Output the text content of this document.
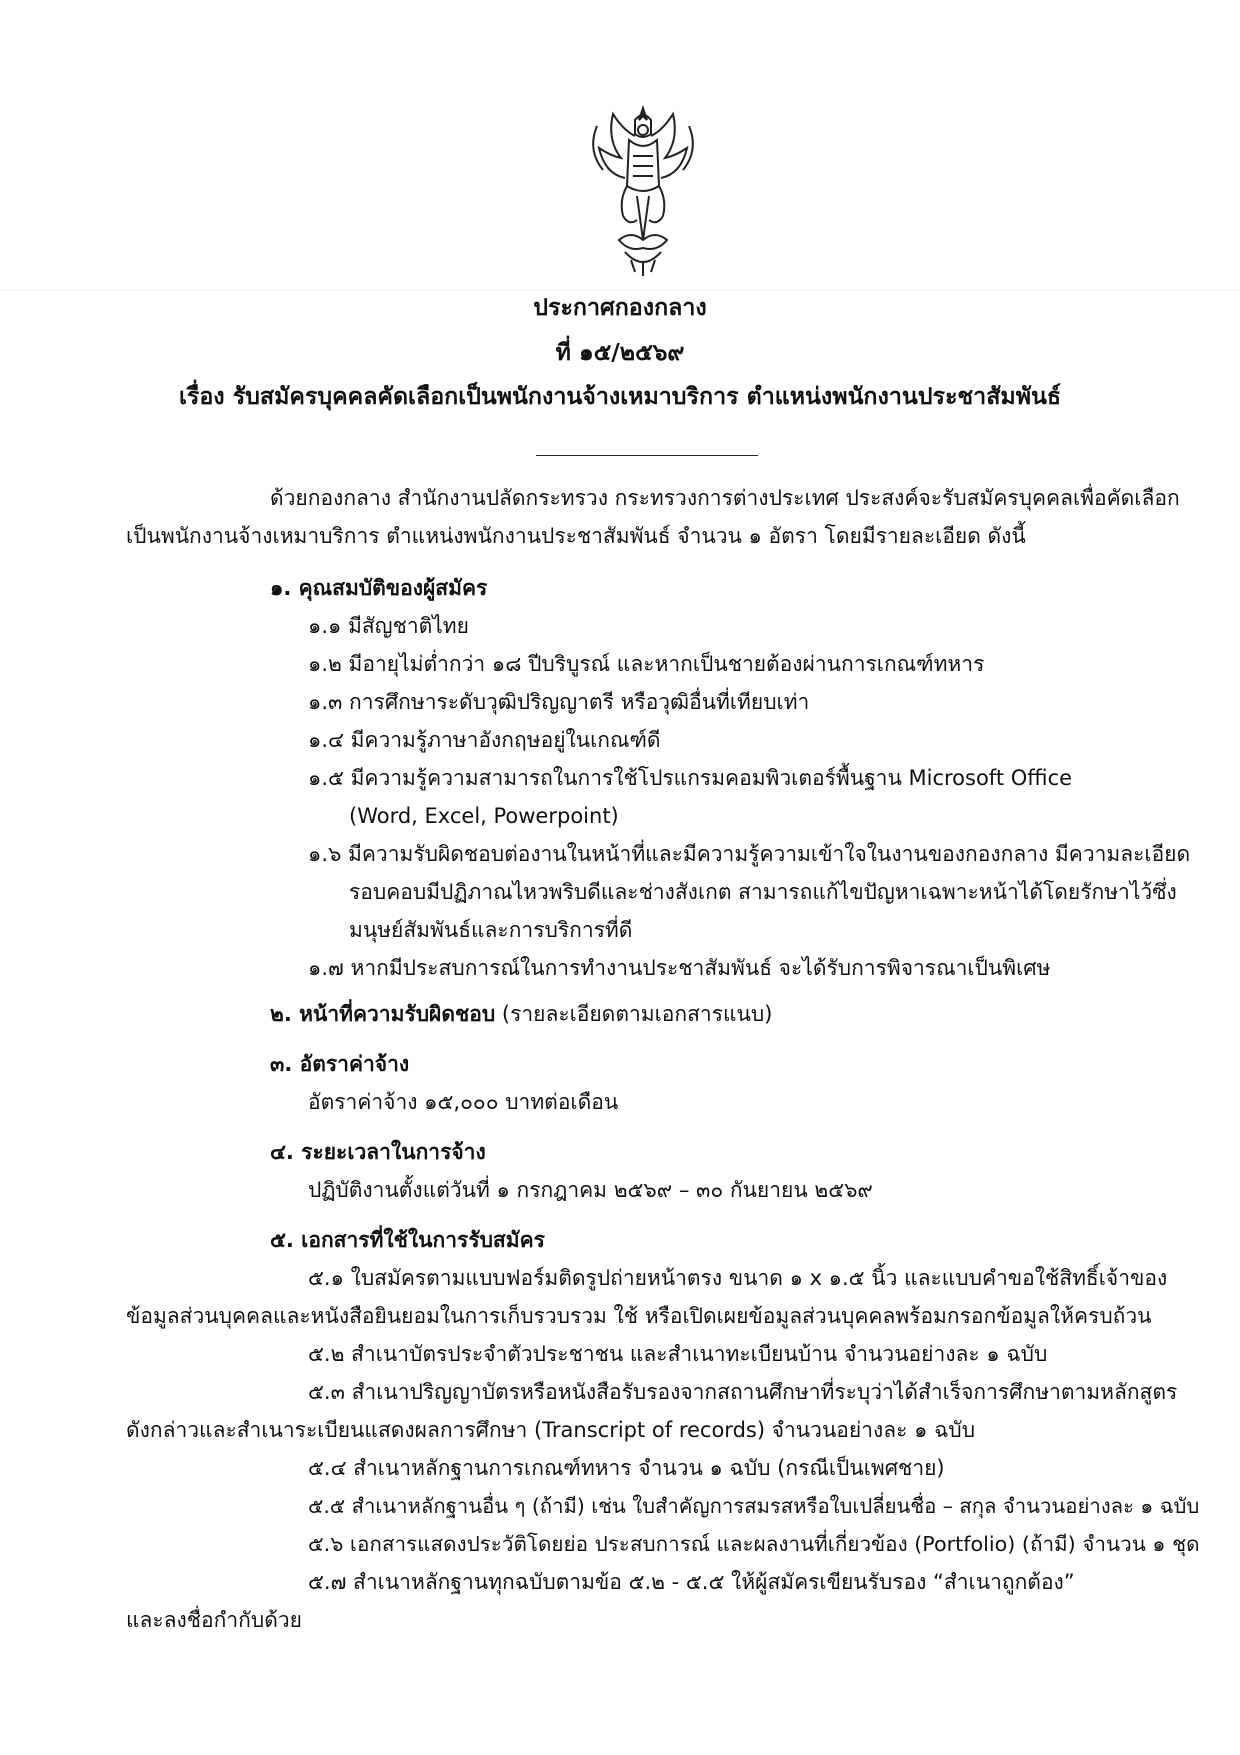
ประกาศกองกลาง
ที่ ๑๕/๒๕๖๙
เรื่อง รับสมัครบุคคลคัดเลือกเป็นพนักงานจ้างเหมาบริการ ตำแหน่งพนักงานประชาสัมพันธ์
ด้วยกองกลาง สำนักงานปลัดกระทรวง กระทรวงการต่างประเทศ ประสงค์จะรับสมัครบุคคลเพื่อคัดเลือก
เป็นพนักงานจ้างเหมาบริการ ตำแหน่งพนักงานประชาสัมพันธ์ จำนวน ๑ อัตรา โดยมีรายละเอียด ดังนี้
๑. คุณสมบัติของผู้สมัคร
๑.๑ มีสัญชาติไทย
๑.๒ มีอายุไม่ต่ำกว่า ๑๘ ปีบริบูรณ์ และหากเป็นชายต้องผ่านการเกณฑ์ทหาร
๑.๓ การศึกษาระดับวุฒิปริญญาตรี หรือวุฒิอื่นที่เทียบเท่า
๑.๔ มีความรู้ภาษาอังกฤษอยู่ในเกณฑ์ดี
๑.๕ มีความรู้ความสามารถในการใช้โปรแกรมคอมพิวเตอร์พื้นฐาน Microsoft Office
(Word, Excel, Powerpoint)
๑.๖ มีความรับผิดชอบต่องานในหน้าที่และมีความรู้ความเข้าใจในงานของกองกลาง มีความละเอียด
รอบคอบมีปฏิภาณไหวพริบดีและช่างสังเกต สามารถแก้ไขปัญหาเฉพาะหน้าได้โดยรักษาไว้ซึ่ง
มนุษย์สัมพันธ์และการบริการที่ดี
๑.๗ หากมีประสบการณ์ในการทำงานประชาสัมพันธ์ จะได้รับการพิจารณาเป็นพิเศษ
๒. หน้าที่ความรับผิดชอบ (รายละเอียดตามเอกสารแนบ)
๓. อัตราค่าจ้าง
อัตราค่าจ้าง ๑๕,๐๐๐ บาทต่อเดือน
๔. ระยะเวลาในการจ้าง
ปฏิบัติงานตั้งแต่วันที่ ๑ กรกฎาคม ๒๕๖๙ – ๓๐ กันยายน ๒๕๖๙
๕. เอกสารที่ใช้ในการรับสมัคร
๕.๑ ใบสมัครตามแบบฟอร์มติดรูปถ่ายหน้าตรง ขนาด ๑ x ๑.๕ นิ้ว และแบบคำขอใช้สิทธิ์เจ้าของ
ข้อมูลส่วนบุคคลและหนังสือยินยอมในการเก็บรวบรวม ใช้ หรือเปิดเผยข้อมูลส่วนบุคคลพร้อมกรอกข้อมูลให้ครบถ้วน
๕.๒ สำเนาบัตรประจำตัวประชาชน และสำเนาทะเบียนบ้าน จำนวนอย่างละ ๑ ฉบับ
๕.๓ สำเนาปริญญาบัตรหรือหนังสือรับรองจากสถานศึกษาที่ระบุว่าได้สำเร็จการศึกษาตามหลักสูตร
ดังกล่าวและสำเนาระเบียนแสดงผลการศึกษา (Transcript of records) จำนวนอย่างละ ๑ ฉบับ
๕.๔ สำเนาหลักฐานการเกณฑ์ทหาร จำนวน ๑ ฉบับ (กรณีเป็นเพศชาย)
๕.๕ สำเนาหลักฐานอื่น ๆ (ถ้ามี) เช่น ใบสำคัญการสมรสหรือใบเปลี่ยนชื่อ – สกุล จำนวนอย่างละ ๑ ฉบับ
๕.๖ เอกสารแสดงประวัติโดยย่อ ประสบการณ์ และผลงานที่เกี่ยวข้อง (Portfolio) (ถ้ามี) จำนวน ๑ ชุด
๕.๗ สำเนาหลักฐานทุกฉบับตามข้อ ๕.๒ - ๕.๕ ให้ผู้สมัครเขียนรับรอง “สำเนาถูกต้อง”
และลงชื่อกำกับด้วย
